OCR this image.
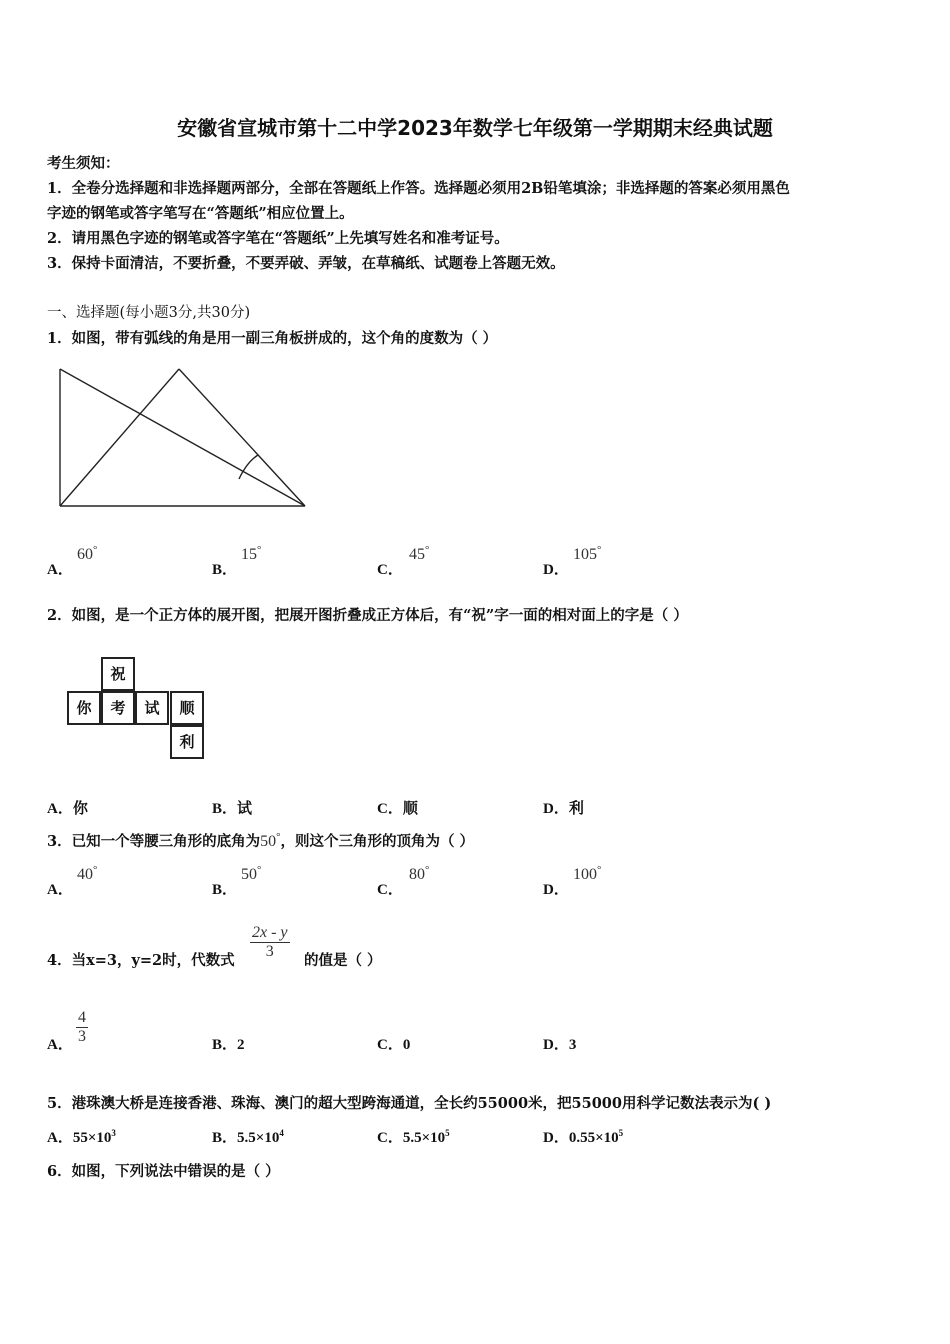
安徽省宣城市第十二中学2023年数学七年级第一学期期末经典试题
考生须知：
1．全卷分选择题和非选择题两部分，全部在答题纸上作答。选择题必须用2B铅笔填涂；非选择题的答案必须用黑色
字迹的钢笔或答字笔写在“答题纸”相应位置上。
2．请用黑色字迹的钢笔或答字笔在“答题纸”上先填写姓名和准考证号。
3．保持卡面清洁，不要折叠，不要弄破、弄皱，在草稿纸、试题卷上答题无效。
一、选择题(每小题3分,共30分)
1．如图，带有弧线的角是用一副三角板拼成的，这个角的度数为（ ）
A．
60°
B．
15°
C．
45°
D．
105°
2．如图，是一个正方体的展开图，把展开图折叠成正方体后，有“祝”字一面的相对面上的字是（ ）
祝
你	考	试	顺
利
A．你	B．试	C．顺	D．利
3．已知一个等腰三角形的底角为50°，则这个三角形的顶角为（ ）
A．
40°
B．
50°
C．
80°
D．
100°
4．当x=3，y=2时，代数式 $\frac{2x - y}{3}$ 的值是（ ）
A． $\frac{4}{3}$	B．2	C．0	D．3
5．港珠澳大桥是连接香港、珠海、澳门的超大型跨海通道，全长约55000米，把55000用科学记数法表示为( )
A．$55\times 10^3$	B．$5.5\times 10^4$	C．$5.5\times 10^5$	D．$0.55\times 10^5$
6．如图，下列说法中错误的是（ ）
